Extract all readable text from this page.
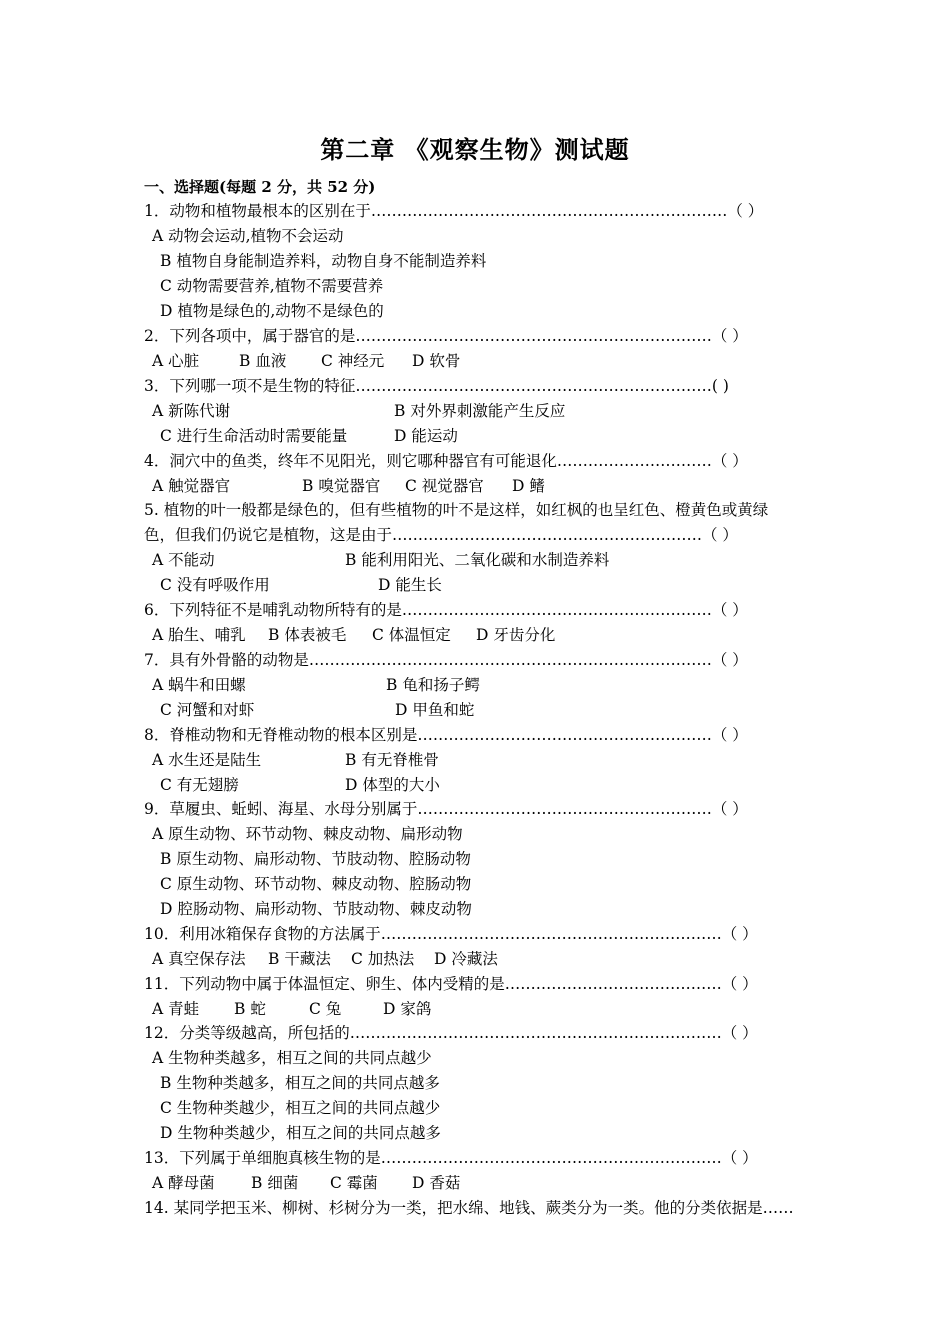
第二章 《观察生物》测试题
一、选择题(每题 2 分，共 52 分)
1．动物和植物最根本的区别在于……………………………………………………………（ ）
A 动物会运动,植物不会运动
B 植物自身能制造养料，动物自身不能制造养料
C 动物需要营养,植物不需要营养
D 植物是绿色的,动物不是绿色的
2．下列各项中，属于器官的是……………………………………………………………（ ）
A 心脏	B 血液 C 神经元 D 软骨
3．下列哪一项不是生物的特征……………………………………………………………( )
A 新陈代谢	B 对外界刺激能产生反应
C 进行生命活动时需要能量	D 能运动
4．洞穴中的鱼类，终年不见阳光，则它哪种器官有可能退化…………………………（ ）
A 触觉器官	B 嗅觉器官 C 视觉器官 D 鳍
5. 植物的叶一般都是绿色的，但有些植物的叶不是这样，如红枫的也呈红色、橙黄色或黄绿
色，但我们仍说它是植物，这是由于……………………………………………………（ ）
A 不能动	B 能利用阳光、二氧化碳和水制造养料
C 没有呼吸作用	D 能生长
6．下列特征不是哺乳动物所特有的是……………………………………………………（ ）
A 胎生、哺乳 B 体表被毛 C 体温恒定 D 牙齿分化
7．具有外骨骼的动物是……………………………………………………………………（ ）
A 蜗牛和田螺	B 龟和扬子鳄
C 河蟹和对虾	D 甲鱼和蛇
8．脊椎动物和无脊椎动物的根本区别是…………………………………………………（ ）
A 水生还是陆生	B 有无脊椎骨
C 有无翅膀	D 体型的大小
9．草履虫、蚯蚓、海星、水母分别属于…………………………………………………（ ）
A 原生动物、环节动物、棘皮动物、扁形动物
B 原生动物、扁形动物、节肢动物、腔肠动物
C 原生动物、环节动物、棘皮动物、腔肠动物
D 腔肠动物、扁形动物、节肢动物、棘皮动物
10．利用冰箱保存食物的方法属于…………………………………………………………（ ）
A 真空保存法 B 干藏法 C 加热法 D 冷藏法
11．下列动物中属于体温恒定、卵生、体内受精的是……………………………………（ ）
A 青蛙 B 蛇	C 兔	D 家鸽
12．分类等级越高，所包括的………………………………………………………………（ ）
A 生物种类越多，相互之间的共同点越少
B 生物种类越多，相互之间的共同点越多
C 生物种类越少，相互之间的共同点越少
D 生物种类越少，相互之间的共同点越多
13．下列属于单细胞真核生物的是…………………………………………………………（ ）
A 酵母菌 B 细菌 C 霉菌 D 香菇
14. 某同学把玉米、柳树、杉树分为一类，把水绵、地钱、蕨类分为一类。他的分类依据是……
